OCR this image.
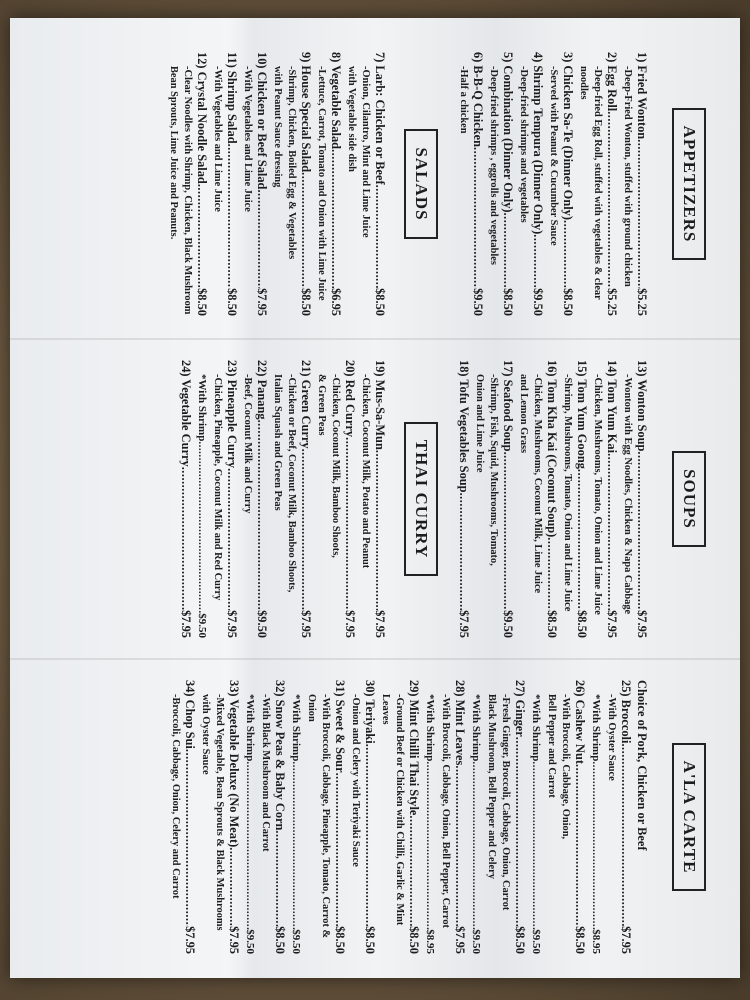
APPETIZERS
1) Fried Wonton
.....
$5.25
-Deep-Fried Wonton, stuffed with ground chicken
2) Egg Roll
.....
$5.25
-Deep-fried Egg Roll, stuffed with vegetables & clear noodles
3) Chicken Sa-Te (Dinner Only)
.....
$8.50
-Served with Peanut & Cucumber Sauce
4) Shrimp Tempura (Dinner Only)
.....
$9.50
-Deep-fried shrimps and vegetables
5) Combination (Dinner Only)
.....
$8.50
-Deep-fried shrimps , eggrolls and vegetables
6) B-B-Q Chicken
.....
$9.50
-Half a chicken
SALADS
7) Larb: Chicken or Beef
.....
$8.50
-Onion, Cilantro, Mint and Lime Juice
with Vegetable side dish
8) Vegetable Salad
.....
$6.95
-Lettuce, Carrot, Tomato and Onion with Lime Juice
9) House Special Salad
.....
$8.50
-Shrimp, Chicken, Boiled Egg & Vegetables
with Peanut Sauce dressing
10) Chicken or Beef Salad
.....
$7.95
-With Vegetables and Lime Juice
11) Shrimp Salad
.....
$8.50
-With Vegetables and Lime Juice
12) Crystal Noodle Salad
.....
$8.50
-Clear Noodles with Shrimp, Chicken, Black Mushroom
Bean Sprouts, Lime Juice and Peanuts.
SOUPS
13) Wonton Soup
.....
$7.95
-Wonton with Egg Noodles, Chicken & Napa Cabbage
14) Tom Yum Kai
.....
$7.95
-Chicken, Mushrooms, Tomato, Onion and Lime Juice
15) Tom Yum Goong
.....
$8.50
-Shrimp, Mushrooms, Tomato, Onion and Lime Juice
16) Tom Kha Kai (Coconut Soup)
.....
$8.50
-Chicken, Mushrooms, Coconut Milk, Lime Juice
and Lemon Grass
17) Seafood Soup
.....
$9.50
-Shrimp, Fish, Squid, Mushrooms, Tomato,
Onion and Lime Juice
18) Tofu Vegetables Soup
.....
$7.95
THAI CURRY
19) Mus-Sa-Mun
.....
$7.95
-Chicken, Coconut Milk, Potato and Peanut
20) Red Curry
.....
$7.95
-Chicken, Coconut Milk, Bamboo Shoots,
& Green Peas
21) Green Curry
.....
$7.95
-Chicken or Beef, Coconut Milk, Bamboo Shoots,
Italian Squash and Green Peas
22) Panang
.....
$9.50
-Beef, Coconut Milk and Curry
23) Pineapple Curry
.....
$7.95
-Chicken, Pineapple, Coconut Milk and Red Curry
*With Shrimp
.....
$9.50
24) Vegetable Curry
.....
$7.95
A'LA CARTE
Choice of Pork, Chicken or Beef
25) Broccoli
.....
$7.95
-With Oyster Sauce
*With Shrimp
.....
$8.95
26) Cashew Nut
.....
$8.50
-With Broccoli, Cabbage, Onion,
Bell Pepper and Carrot
*With Shrimp
.....
$9.50
27) Ginger
.....
$8.50
-Fresh Ginger, Broccoli, Cabbage, Onion, Carrot
Black Mushroom, Bell Pepper and Celery
*With Shrimp
.....
$9.50
28) Mint Leaves
.....
$7.95
-With Broccoli, Cabbage, Onion, Bell Pepper, Carrot
*With Shrimp
.....
$8.95
29) Mint Chilli Thai Style
.....
$8.50
-Ground Beef or Chicken with Chilli, Garlic & Mint Leaves
30) Teriyaki
.....
$8.50
-Onion and Celery with Teriyaki Sauce
31) Sweet & Sour
.....
$8.50
-With Broccoli, Cabbage, Pineapple, Tomato, Carrot & Onion
*With Shrimp
.....
$9.50
32) Snow Peas & Baby Corn
.....
$8.50
-With Black Mushroom and Carrot
*With Shrimp
.....
$9.50
33) Vegetable Deluxe (No Meat)
.....
$7.95
-Mixed Vegetable, Bean Sprouts & Black Mushrooms
with Oyster Sauce
34) Chop Sui
.....
$7.95
-Broccoli, Cabbage, Onion, Celery and Carrot
